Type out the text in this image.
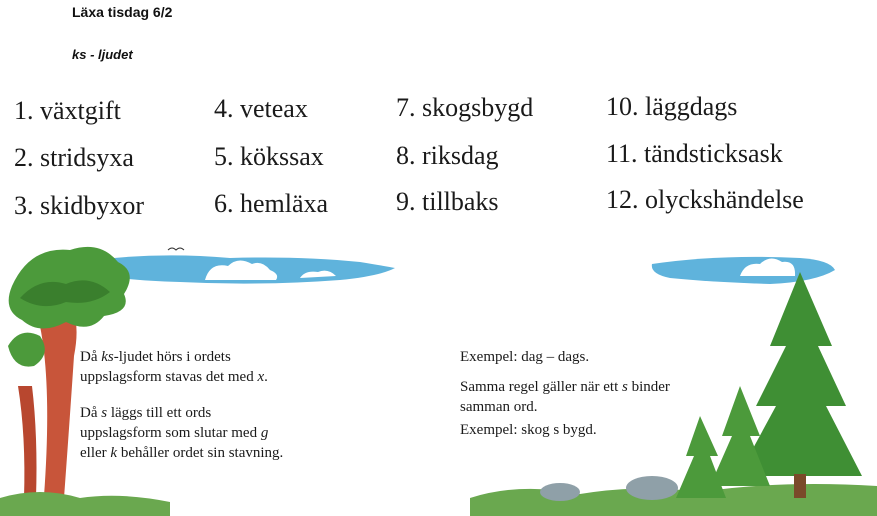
Läxa tisdag 6/2
ks - ljudet
1. växtgift
2. stridsyxa
3. skidbyxor
4. veteax
5. kökssax
6. hemläxa
7. skogsbygd
8. riksdag
9. tillbaks
10. läggdags
11. tändsticksask
12. olyckshändelse
Då ks-ljudet hörs i ordets
uppslagsform stavas det med x.
Då s läggs till ett ords
uppslagsform som slutar med g
eller k behåller ordet sin stavning.
Exempel: dag – dags.
Samma regel gäller när ett s binder
samman ord.
Exempel: skog s bygd.
